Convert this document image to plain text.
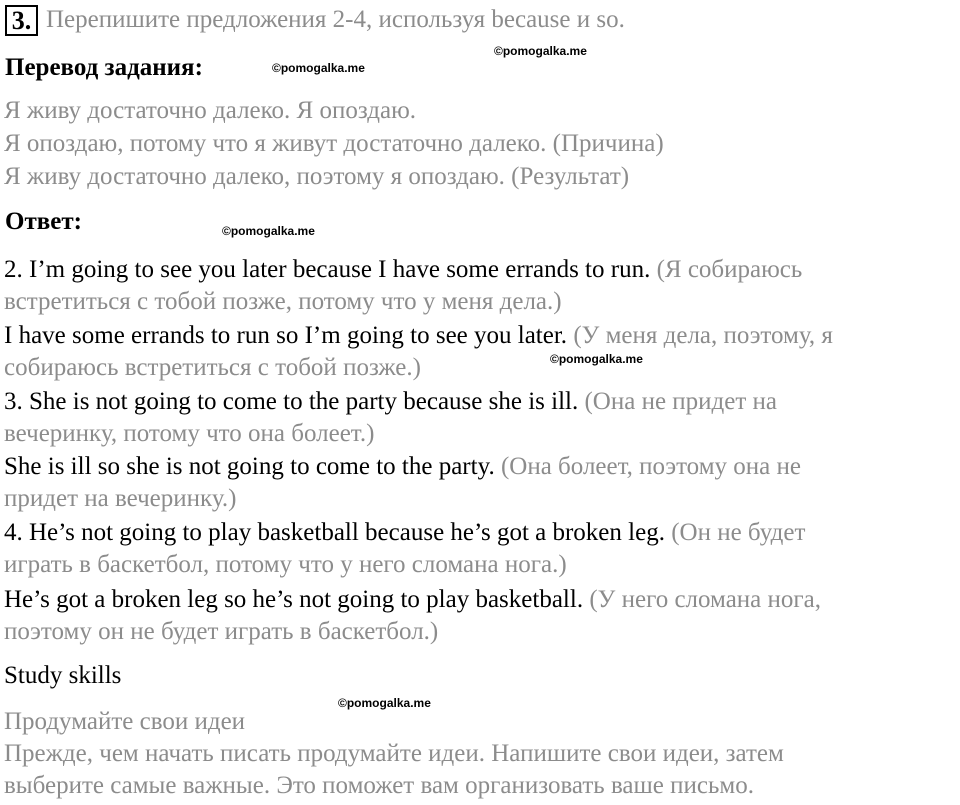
3. Перепишите предложения 2-4, используя because и so.
©pomogalka.me
Перевод задания:	©pomogalka.me
Я живу достаточно далеко. Я опоздаю.
Я опоздаю, потому что я живут достаточно далеко. (Причина)
Я живу достаточно далеко, поэтому я опоздаю. (Результат)
Ответ:	©pomogalka.me
2. I’m going to see you later because I have some errands to run. (Я собираюсь
встретиться с тобой позже, потому что у меня дела.)
I have some errands to run so I’m going to see you later. (У меня дела, поэтому, я
собираюсь встретиться с тобой позже.)	©pomogalka.me
3. She is not going to come to the party because she is ill. (Она не придет на
вечеринку, потому что она болеет.)
She is ill so she is not going to come to the party. (Она болеет, поэтому она не
придет на вечеринку.)
4. He’s not going to play basketball because he’s got a broken leg. (Он не будет
играть в баскетбол, потому что у него сломана нога.)
He’s got a broken leg so he’s not going to play basketball. (У него сломана нога,
поэтому он не будет играть в баскетбол.)
Study skills
©pomogalka.me
Продумайте свои идеи
Прежде, чем начать писать продумайте идеи. Напишите свои идеи, затем
выберите самые важные. Это поможет вам организовать ваше письмо.
